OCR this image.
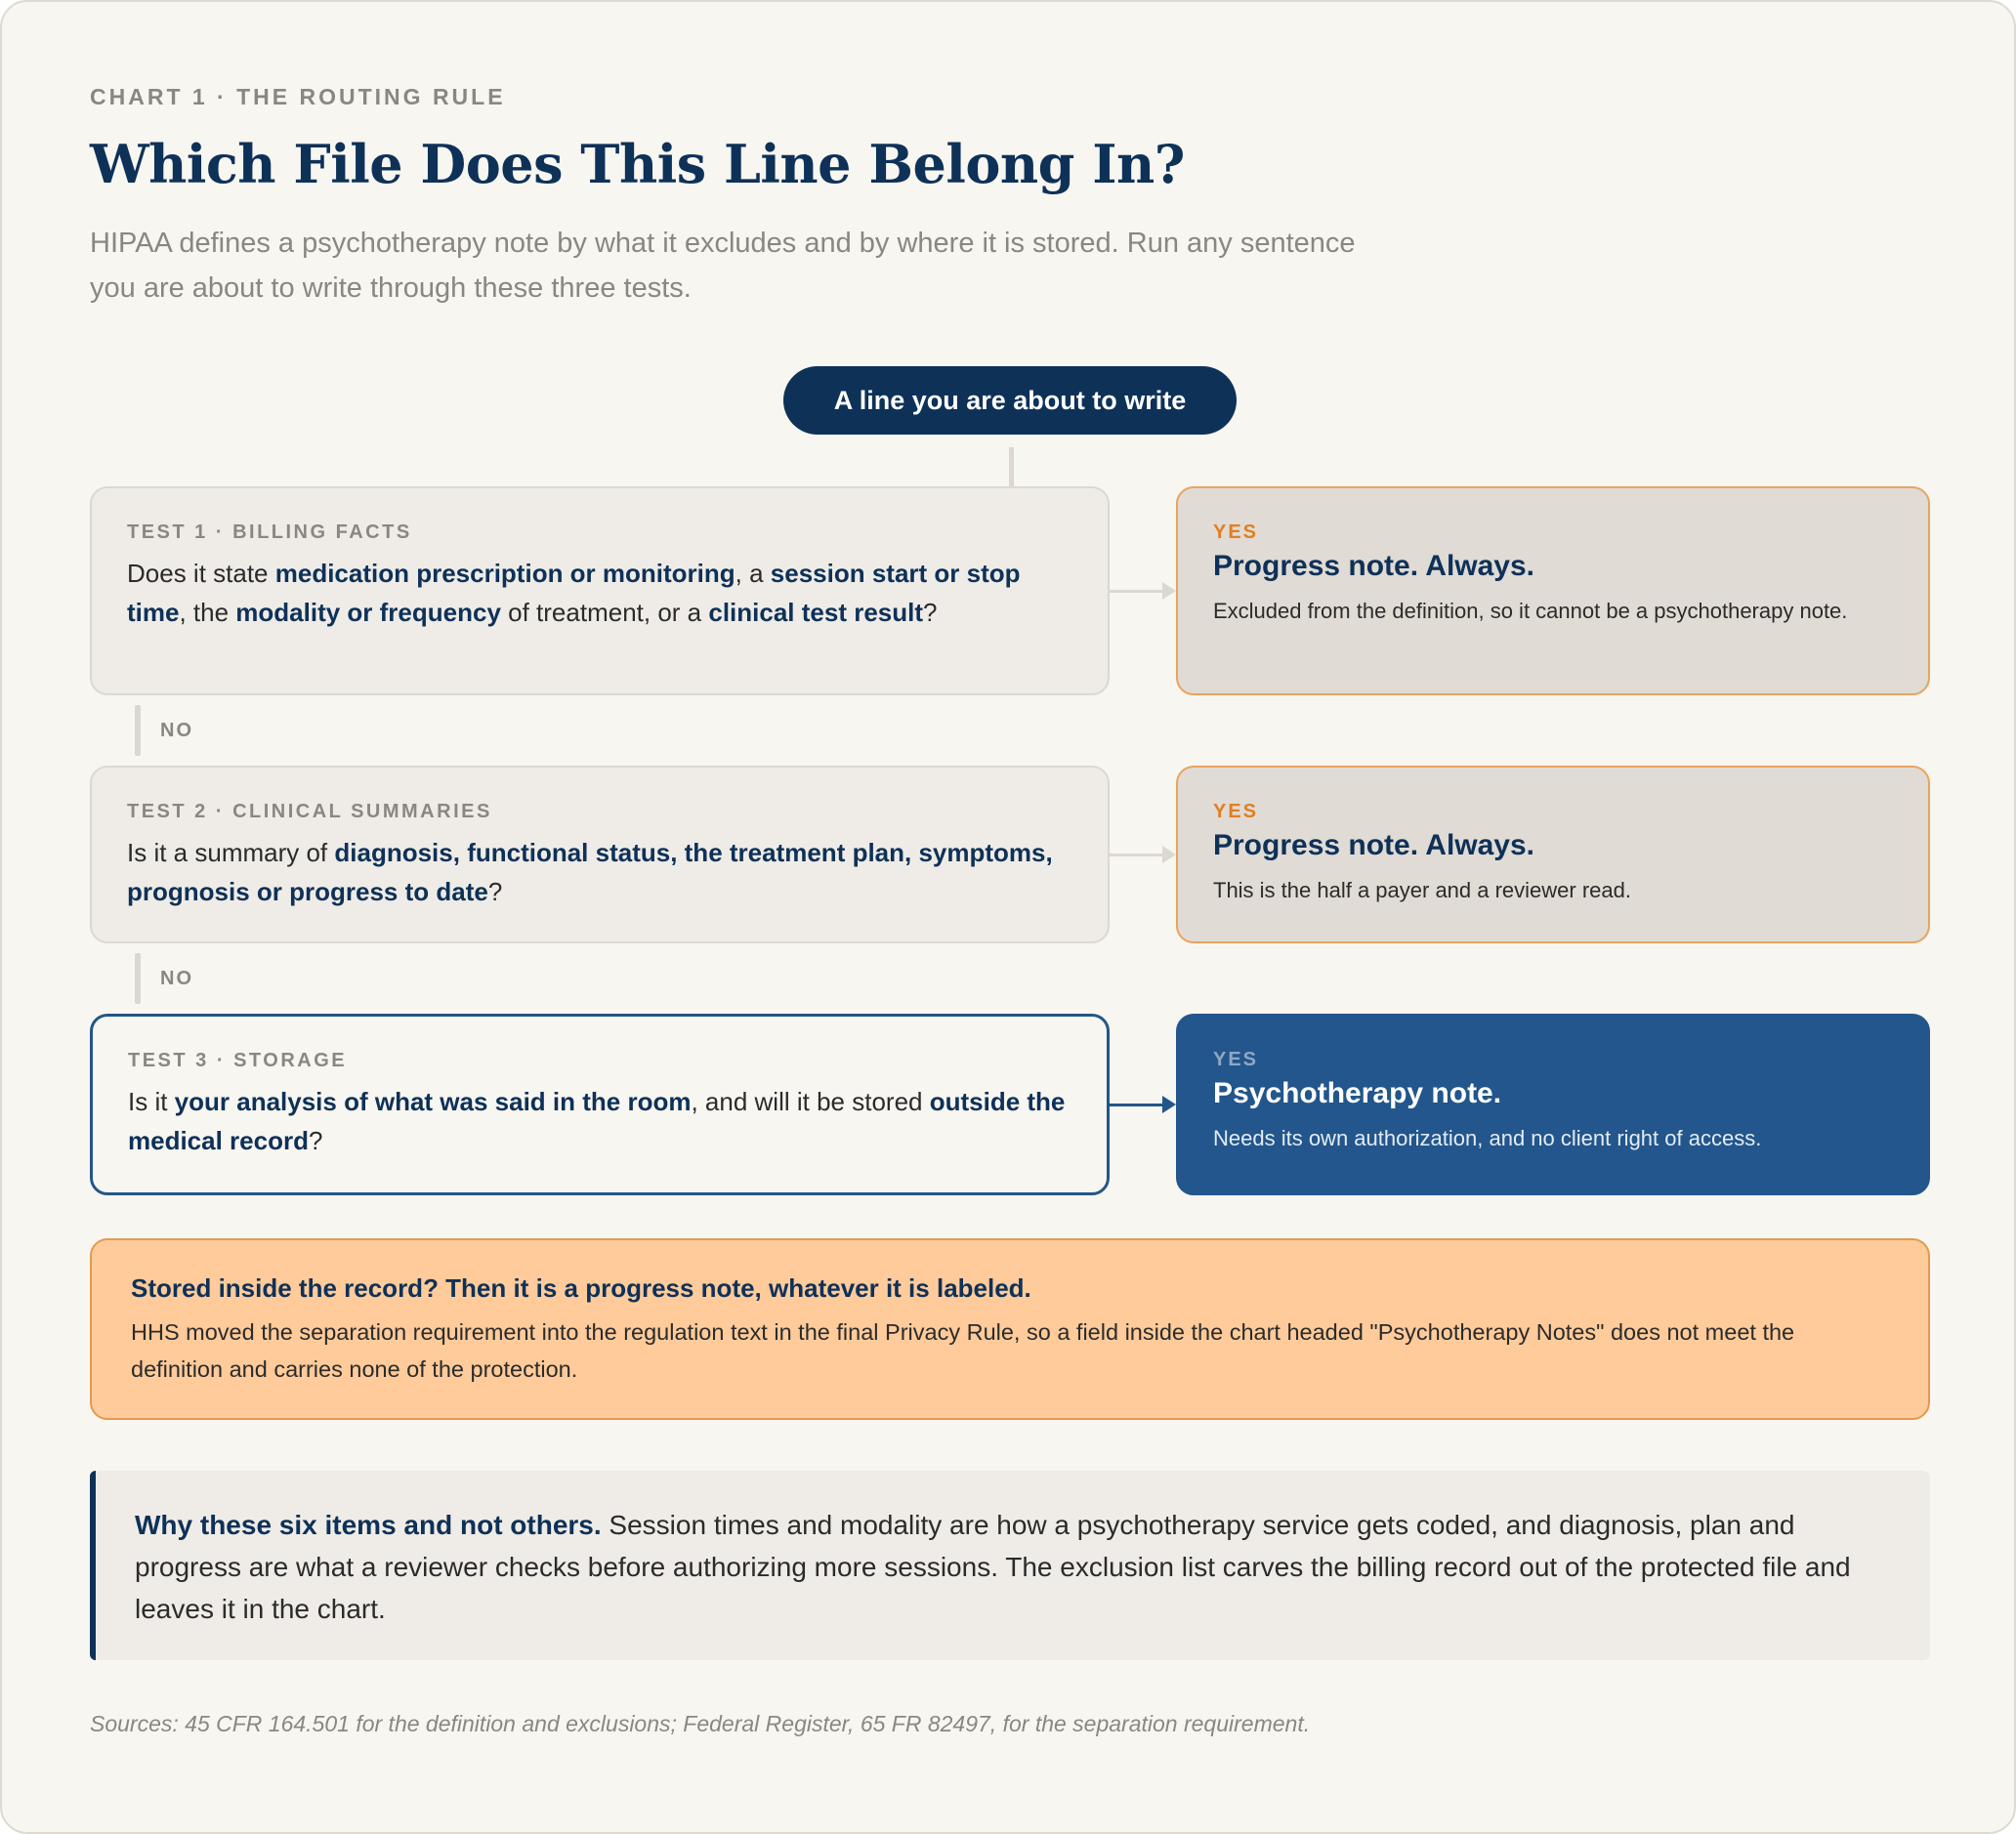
CHART 1 · THE ROUTING RULE
Which File Does This Line Belong In?
HIPAA defines a psychotherapy note by what it excludes and by where it is stored. Run any sentence you are about to write through these three tests.
A line you are about to write
TEST 1 · BILLING FACTS
Does it state medication prescription or monitoring, a session start or stop time, the modality or frequency of treatment, or a clinical test result?
YES
Progress note. Always.
Excluded from the definition, so it cannot be a psychotherapy note.
NO
TEST 2 · CLINICAL SUMMARIES
Is it a summary of diagnosis, functional status, the treatment plan, symptoms, prognosis or progress to date?
YES
Progress note. Always.
This is the half a payer and a reviewer read.
NO
TEST 3 · STORAGE
Is it your analysis of what was said in the room, and will it be stored outside the medical record?
YES
Psychotherapy note.
Needs its own authorization, and no client right of access.
Stored inside the record? Then it is a progress note, whatever it is labeled.
HHS moved the separation requirement into the regulation text in the final Privacy Rule, so a field inside the chart headed "Psychotherapy Notes" does not meet the definition and carries none of the protection.
Why these six items and not others. Session times and modality are how a psychotherapy service gets coded, and diagnosis, plan and progress are what a reviewer checks before authorizing more sessions. The exclusion list carves the billing record out of the protected file and leaves it in the chart.
Sources: 45 CFR 164.501 for the definition and exclusions; Federal Register, 65 FR 82497, for the separation requirement.
